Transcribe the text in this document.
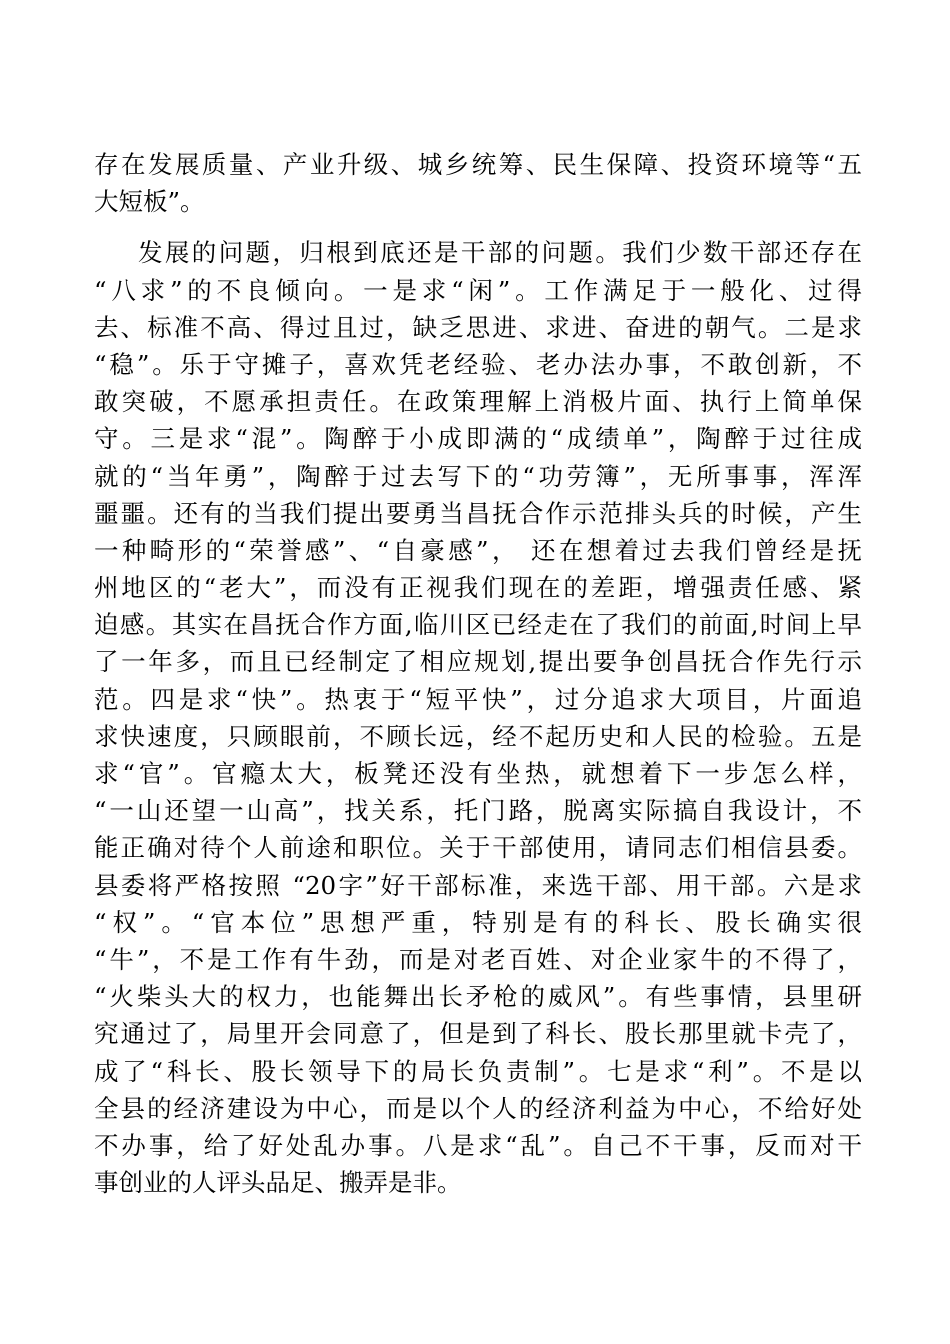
存在发展质量、产业升级、城乡统筹、民生保障、投资环境等“五
大短板”。
发展的问题，归根到底还是干部的问题。我们少数干部还存在
“八求”的不良倾向。一是求“闲”。工作满足于一般化、过得
去、标准不高、得过且过，缺乏思进、求进、奋进的朝气。二是求
“稳”。乐于守摊子，喜欢凭老经验、老办法办事，不敢创新，不
敢突破，不愿承担责任。在政策理解上消极片面、执行上简单保
守。三是求“混”。陶醉于小成即满的“成绩单”，陶醉于过往成
就的“当年勇”，陶醉于过去写下的“功劳簿”，无所事事，浑浑
噩噩。还有的当我们提出要勇当昌抚合作示范排头兵的时候，产生
一种畸形的“荣誉感”、“自豪感”， 还在想着过去我们曾经是抚
州地区的“老大”，而没有正视我们现在的差距，增强责任感、紧
迫感。其实在昌抚合作方面,临川区已经走在了我们的前面,时间上早
了一年多，而且已经制定了相应规划,提出要争创昌抚合作先行示
范。四是求“快”。热衷于“短平快”，过分追求大项目，片面追
求快速度，只顾眼前，不顾长远，经不起历史和人民的检验。五是
求“官”。官瘾太大，板凳还没有坐热，就想着下一步怎么样，
“一山还望一山高”，找关系，托门路，脱离实际搞自我设计，不
能正确对待个人前途和职位。关于干部使用，请同志们相信县委。
县委将严格按照 “20字”好干部标准，来选干部、用干部。六是求
“权”。“官本位”思想严重，特别是有的科长、股长确实很
“牛”，不是工作有牛劲，而是对老百姓、对企业家牛的不得了，
“火柴头大的权力，也能舞出长矛枪的威风”。有些事情，县里研
究通过了，局里开会同意了，但是到了科长、股长那里就卡壳了，
成了“科长、股长领导下的局长负责制”。七是求“利”。不是以
全县的经济建设为中心，而是以个人的经济利益为中心，不给好处
不办事，给了好处乱办事。八是求“乱”。自己不干事，反而对干
事创业的人评头品足、搬弄是非。
